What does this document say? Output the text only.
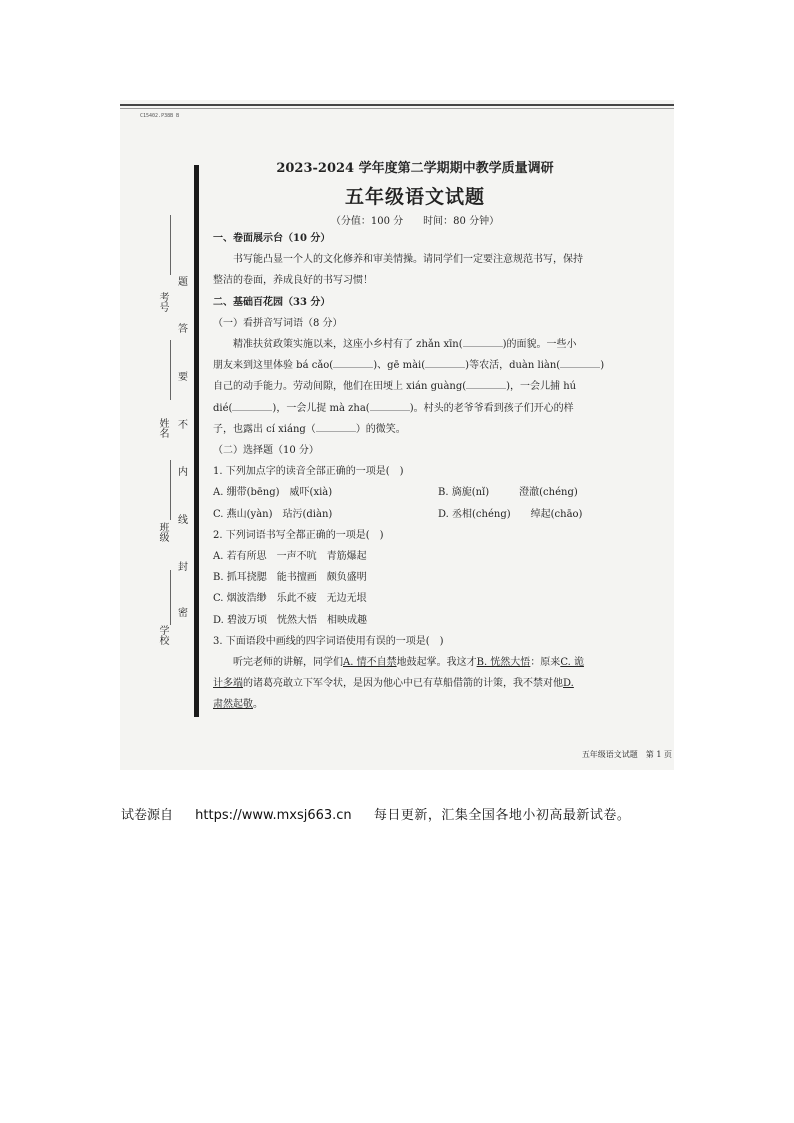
C15402.P38B B
考号
姓名
班级
学校
题
答
要
不
内
线
封
密
2023-2024 学年度第二学期期中教学质量调研
五年级语文试题
（分值：100 分　　时间：80 分钟）

一、卷面展示台（10 分）

书写能凸显一个人的文化修养和审美情操。请同学们一定要注意规范书写，保持

整洁的卷面，养成良好的书写习惯！

二、基础百花园（33 分）

（一）看拼音写词语（8 分）

精准扶贫政策实施以来，这座小乡村有了 zhǎn xīn(	)的面貌。一些小

朋友来到这里体验 bá cǎo(	)、gē mài(	)等农活，duàn liàn(	)

自己的动手能力。劳动间隙，他们在田埂上 xián guàng(	)，一会儿捕 hú

dié(	)，一会儿捉 mà zha(	)。村头的老爷爷看到孩子们开心的样

子，也露出 cí xiáng（	）的微笑。

（二）选择题（10 分）

1. 下列加点字的读音全部正确的一项是(　)

A. 绷带(bēng)　威吓(xià)	B. 旖旎(nǐ)　　　澄澈(chéng)
C. 燕山(yàn)　玷污(diàn)	D. 丞相(chéng)　　绰起(chāo)

2. 下列词语书写全都正确的一项是(　)

A. 若有所思　一声不吭　青筋爆起

B. 抓耳挠腮　能书擅画　颇负盛明

C. 烟波浩缈　乐此不疲　无边无垠

D. 碧波万顷　恍然大悟　相映成趣

3. 下面语段中画线的四字词语使用有误的一项是(　)

听完老师的讲解，同学们A. 情不自禁地鼓起掌。我这才B. 恍然大悟：原来C. 诡

计多端的诸葛亮敢立下军令状，是因为他心中已有草船借箭的计策，我不禁对他D.

肃然起敬。

五年级语文试题　第 1 页
试卷源自 https://www.mxsj663.cn 每日更新，汇集全国各地小初高最新试卷。
